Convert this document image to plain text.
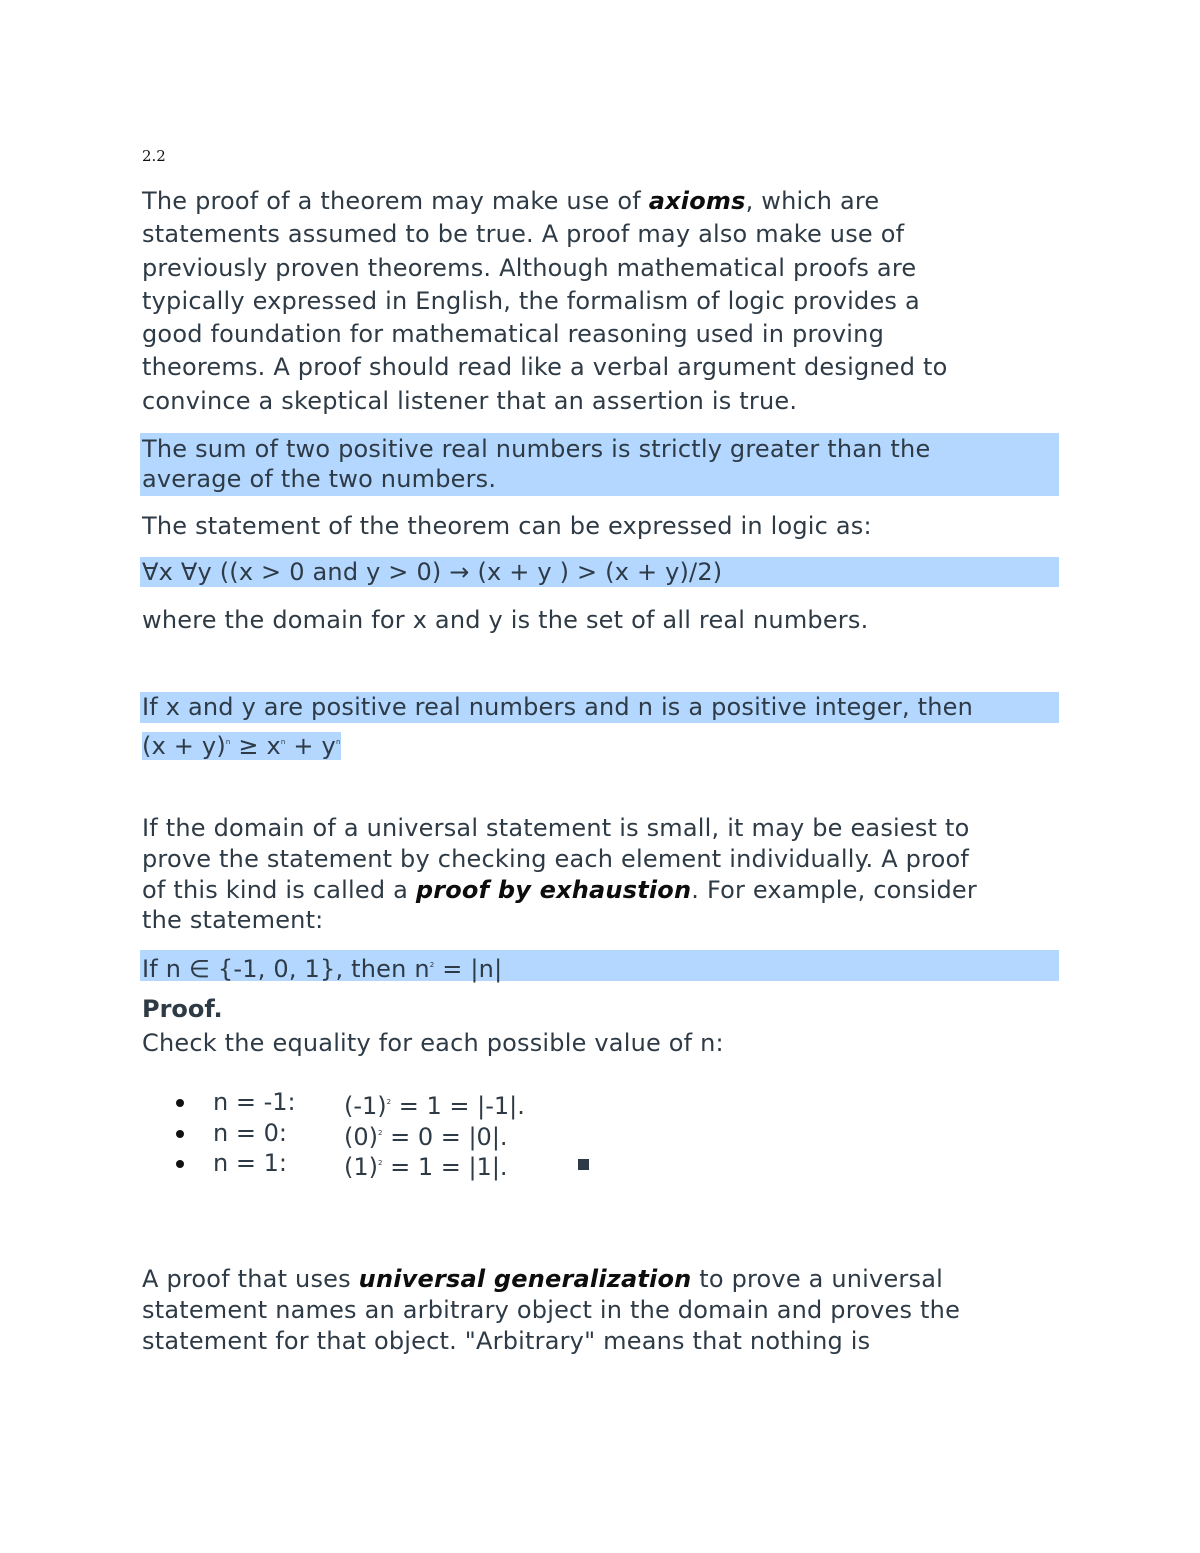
2.2
The proof of a theorem may make use of axioms, which are
statements assumed to be true. A proof may also make use of
previously proven theorems. Although mathematical proofs are
typically expressed in English, the formalism of logic provides a
good foundation for mathematical reasoning used in proving
theorems. A proof should read like a verbal argument designed to
convince a skeptical listener that an assertion is true.
The sum of two positive real numbers is strictly greater than the
average of the two numbers.
The statement of the theorem can be expressed in logic as:
∀x ∀y ((x > 0 and y > 0) → (x + y ) > (x + y)/2)
where the domain for x and y is the set of all real numbers.
If x and y are positive real numbers and n is a positive integer, then
$(x + y)^n \ge x^n + y^n$
If the domain of a universal statement is small, it may be easiest to
prove the statement by checking each element individually. A proof
of this kind is called a proof by exhaustion. For example, consider
the statement:
If n ∈ {-1, 0, 1}, then $n^2 = |n|$
Proof.
Check the equality for each possible value of n:
n = -1: $(-1)^2 = 1 = |-1|$.
n = 0: $(0)^2 = 0 = |0|$.
n = 1: $(1)^2 = 1 = |1|$.
A proof that uses universal generalization to prove a universal
statement names an arbitrary object in the domain and proves the
statement for that object. "Arbitrary" means that nothing is
